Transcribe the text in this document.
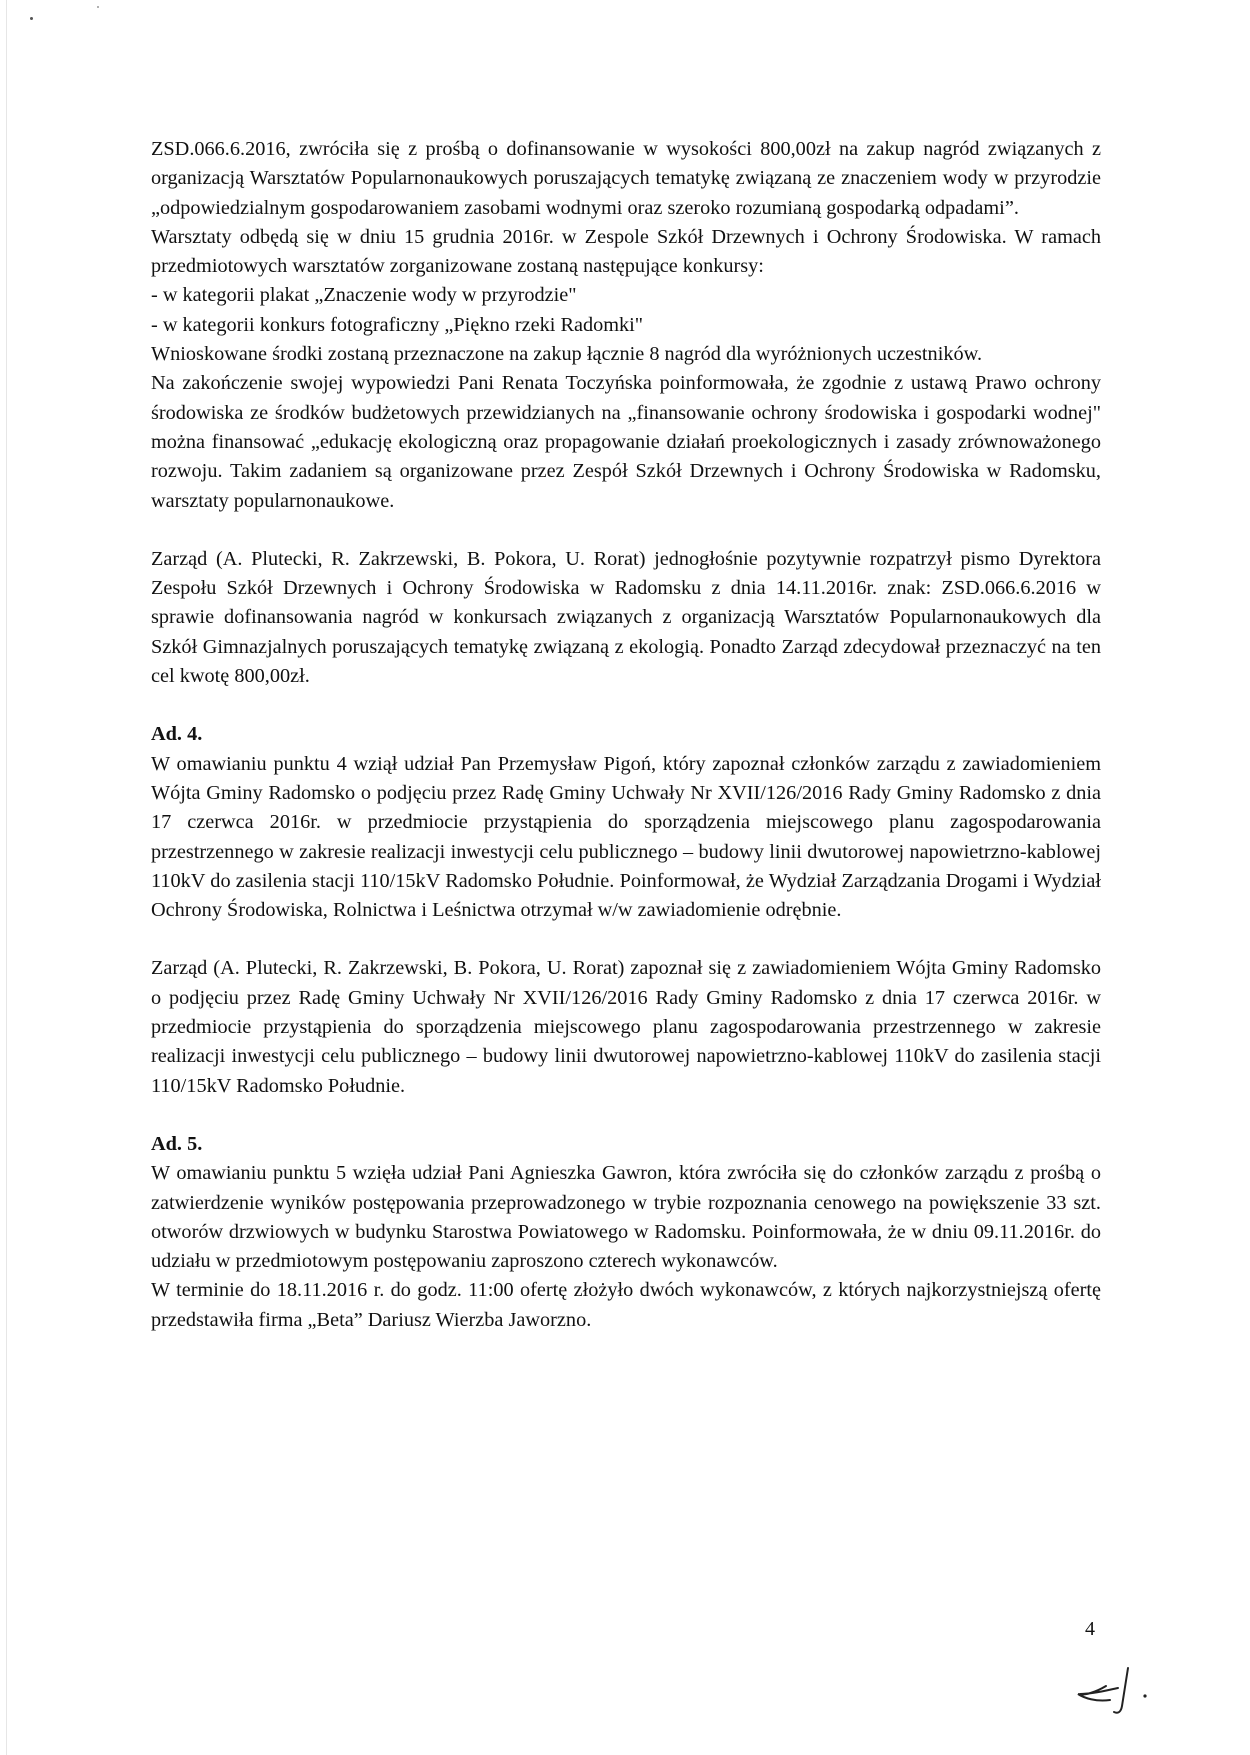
ZSD.066.6.2016, zwróciła się z prośbą o dofinansowanie w wysokości 800,00zł na zakup nagród związanych z organizacją Warsztatów Popularnonaukowych poruszających tematykę związaną ze znaczeniem wody w przyrodzie „odpowiedzialnym gospodarowaniem zasobami wodnymi oraz szeroko rozumianą gospodarką odpadami”.

Warsztaty odbędą się w dniu 15 grudnia 2016r. w Zespole Szkół Drzewnych i Ochrony Środowiska. W ramach przedmiotowych warsztatów zorganizowane zostaną następujące konkursy:

- w kategorii plakat „Znaczenie wody w przyrodzie"

- w kategorii konkurs fotograficzny „Piękno rzeki Radomki"

Wnioskowane środki zostaną przeznaczone na zakup łącznie 8 nagród dla wyróżnionych uczestników.

Na zakończenie swojej wypowiedzi Pani Renata Toczyńska poinformowała, że zgodnie z ustawą Prawo ochrony środowiska ze środków budżetowych przewidzianych na „finansowanie ochrony środowiska i gospodarki wodnej" można finansować „edukację ekologiczną oraz propagowanie działań proekologicznych i zasady zrównoważonego rozwoju. Takim zadaniem są organizowane przez Zespół Szkół Drzewnych i Ochrony Środowiska w Radomsku, warsztaty popularnonaukowe.

Zarząd (A. Plutecki, R. Zakrzewski, B. Pokora, U. Rorat) jednogłośnie pozytywnie rozpatrzył pismo Dyrektora Zespołu Szkół Drzewnych i Ochrony Środowiska w Radomsku z dnia 14.11.2016r. znak: ZSD.066.6.2016 w sprawie dofinansowania nagród w konkursach związanych z organizacją Warsztatów Popularnonaukowych dla Szkół Gimnazjalnych poruszających tematykę związaną z ekologią. Ponadto Zarząd zdecydował przeznaczyć na ten cel kwotę 800,00zł.

Ad. 4.

W omawianiu punktu 4 wziął udział Pan Przemysław Pigoń, który zapoznał członków zarządu z zawiadomieniem Wójta Gminy Radomsko o podjęciu przez Radę Gminy Uchwały Nr XVII/126/2016 Rady Gminy Radomsko z dnia 17 czerwca 2016r. w przedmiocie przystąpienia do sporządzenia miejscowego planu zagospodarowania przestrzennego w zakresie realizacji inwestycji celu publicznego – budowy linii dwutorowej napowietrzno-kablowej 110kV do zasilenia stacji 110/15kV Radomsko Południe. Poinformował, że Wydział Zarządzania Drogami i Wydział Ochrony Środowiska, Rolnictwa i Leśnictwa otrzymał w/w zawiadomienie odrębnie.

Zarząd (A. Plutecki, R. Zakrzewski, B. Pokora, U. Rorat) zapoznał się z zawiadomieniem Wójta Gminy Radomsko o podjęciu przez Radę Gminy Uchwały Nr XVII/126/2016 Rady Gminy Radomsko z dnia 17 czerwca 2016r. w przedmiocie przystąpienia do sporządzenia miejscowego planu zagospodarowania przestrzennego w zakresie realizacji inwestycji celu publicznego – budowy linii dwutorowej napowietrzno-kablowej 110kV do zasilenia stacji 110/15kV Radomsko Południe.

Ad. 5.

W omawianiu punktu 5 wzięła udział Pani Agnieszka Gawron, która zwróciła się do członków zarządu z prośbą o zatwierdzenie wyników postępowania przeprowadzonego w trybie rozpoznania cenowego na powiększenie 33 szt. otworów drzwiowych w budynku Starostwa Powiatowego w Radomsku. Poinformowała, że w dniu 09.11.2016r. do udziału w przedmiotowym postępowaniu zaproszono czterech wykonawców.

W terminie do 18.11.2016 r. do godz. 11:00 ofertę złożyło dwóch wykonawców, z których najkorzystniejszą ofertę przedstawiła firma „Beta” Dariusz Wierzba Jaworzno.

4
